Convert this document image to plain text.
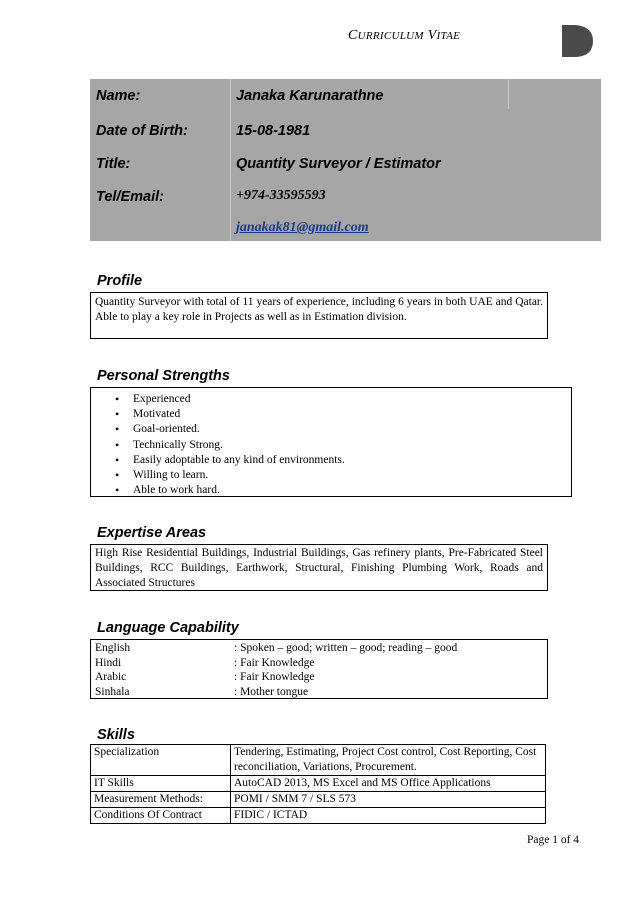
CURRICULUM VITAE
Name:	Janaka Karunarathne
Date of Birth:	15-08-1981
Title:	Quantity Surveyor / Estimator
Tel/Email:	+974-33595593
janakak81@gmail.com
Profile
Quantity Surveyor with total of 11 years of experience, including 6 years in both UAE and Qatar. Able to play a key role in Projects as well as in Estimation division.
Personal Strengths
• Experienced
• Motivated
• Goal-oriented.
• Technically Strong.
• Easily adoptable to any kind of environments.
• Willing to learn.
• Able to work hard.
Expertise Areas
High Rise Residential Buildings, Industrial Buildings, Gas refinery plants, Pre-Fabricated Steel Buildings, RCC Buildings, Earthwork, Structural, Finishing Plumbing Work, Roads and Associated Structures
Language Capability
English	: Spoken – good; written – good; reading – good
Hindi	: Fair Knowledge
Arabic	: Fair Knowledge
Sinhala	: Mother tongue
Skills
Specialization	Tendering, Estimating, Project Cost control, Cost Reporting, Cost reconciliation, Variations, Procurement.
IT Skills	AutoCAD 2013, MS Excel and MS Office Applications
Measurement Methods:	POMI / SMM 7 / SLS 573
Conditions Of Contract	FIDIC / ICTAD
Page 1 of 4
